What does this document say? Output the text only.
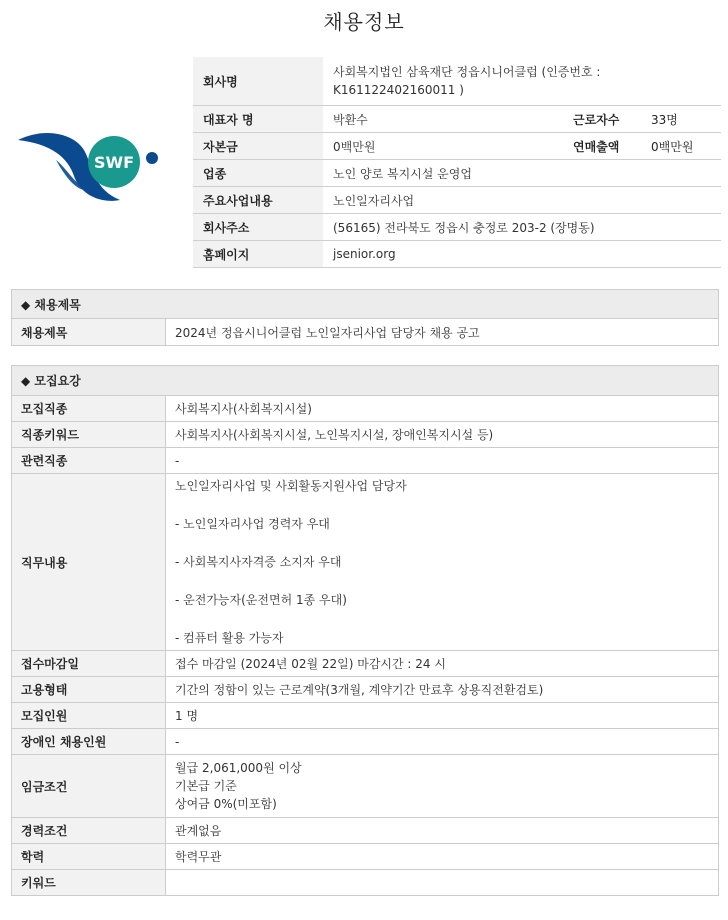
채용정보
SWF
회사명	사회복지법인 삼육재단 정읍시니어클럽 (인증번호 : K161122402160011 )		
대표자 명	박환수	근로자수	33명
자본금	0백만원	연매출액	0백만원
업종	노인 양로 복지시설 운영업		
주요사업내용	노인일자리사업		
회사주소	(56165) 전라북도 정읍시 충정로 203-2 (장명동)		
홈페이지	jsenior.org		
◆ 채용제목
채용제목	2024년 정읍시니어클럽 노인일자리사업 담당자 채용 공고
◆ 모집요강	
모집직종	사회복지사(사회복지시설)
직종키워드	사회복지사(사회복지시설, 노인복지시설, 장애인복지시설 등)
관련직종	-
직무내용	노인일자리사업 및 사회활동지원사업 담당자
- 노인일자리사업 경력자 우대
- 사회복지사자격증 소지자 우대
- 운전가능자(운전면허 1종 우대)
- 컴퓨터 활용 가능자

접수마감일	접수 마감일 (2024년 02월 22일) 마감시간 : 24 시
고용형태	기간의 정함이 있는 근로계약(3개월, 계약기간 만료후 상용직전환검토)
모집인원	1 명
장애인 채용인원	-
임금조건	월급 2,061,000원 이상
기본급 기준
상여금 0%(미포함)

경력조건	관계없음
학력	학력무관
키워드	
